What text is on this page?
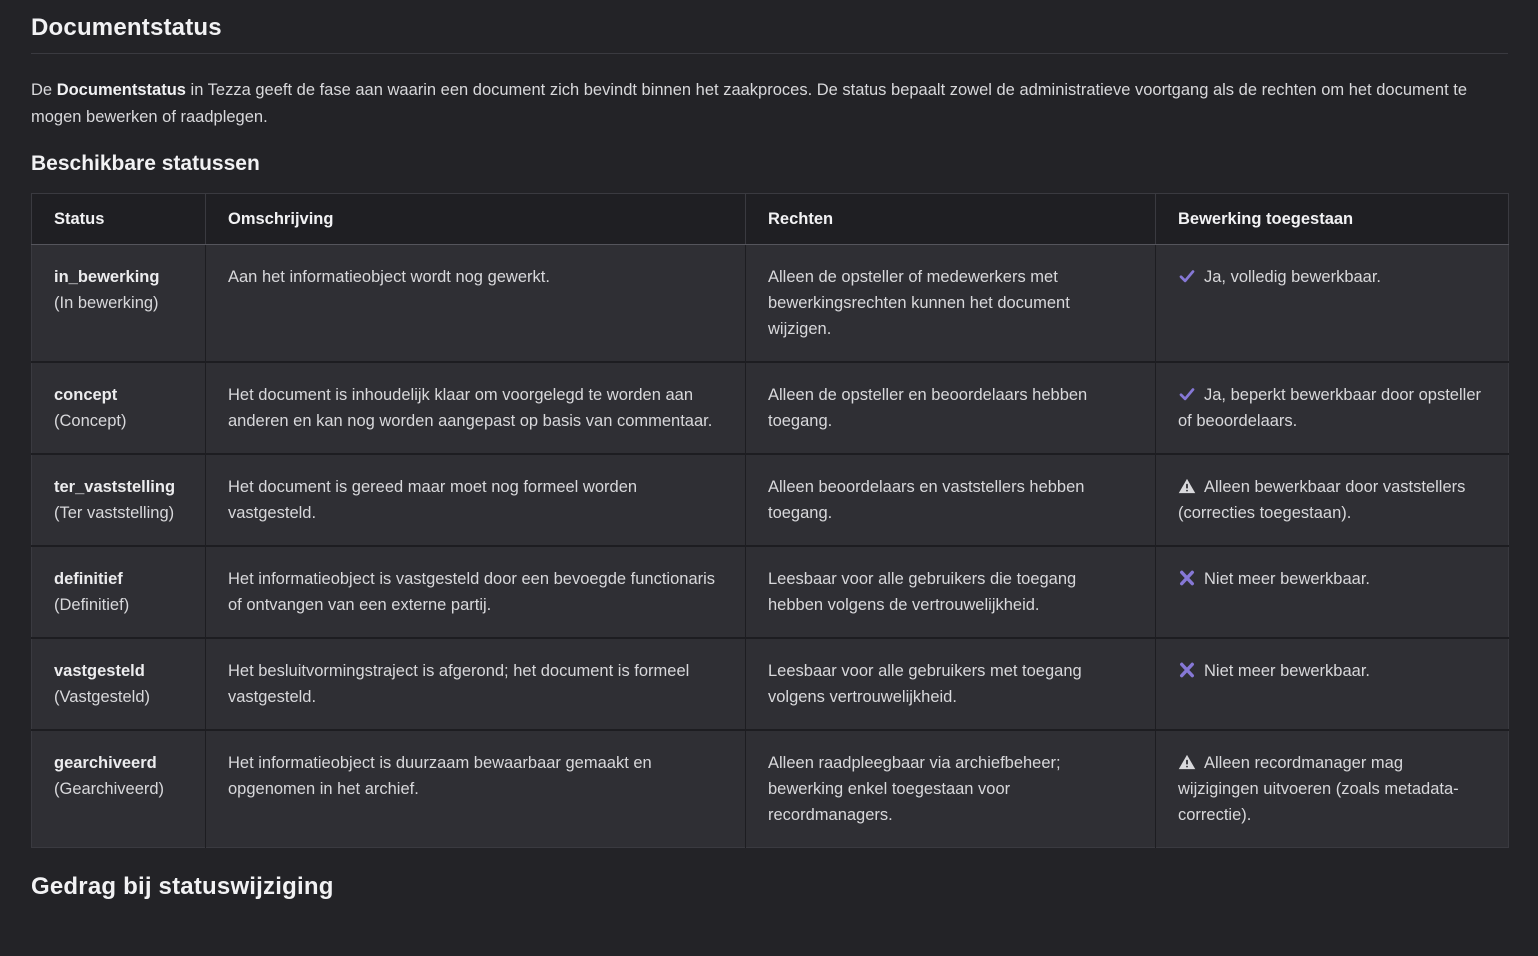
Documentstatus

De Documentstatus in Tezza geeft de fase aan waarin een document zich bevindt binnen het zaakproces. De status bepaalt zowel de administratieve voortgang als de rechten om het document te mogen bewerken of raadplegen.

Beschikbare statussen
Status	Omschrijving	Rechten	Bewerking toegestaan

in_bewerking
(In bewerking)	Aan het informatieobject wordt nog gewerkt.	Alleen de opsteller of medewerkers met bewerkingsrechten kunnen het document wijzigen.	Ja, volledig bewerkbaar.

concept
(Concept)	Het document is inhoudelijk klaar om voorgelegd te worden aan anderen en kan nog worden aangepast op basis van commentaar.	Alleen de opsteller en beoordelaars hebben toegang.	Ja, beperkt bewerkbaar door opsteller of beoordelaars.

ter_vaststelling
(Ter vaststelling)	Het document is gereed maar moet nog formeel worden vastgesteld.	Alleen beoordelaars en vaststellers hebben toegang.	Alleen bewerkbaar door vaststellers (correcties toegestaan).

definitief
(Definitief)	Het informatieobject is vastgesteld door een bevoegde functionaris of ontvangen van een externe partij.	Leesbaar voor alle gebruikers die toegang hebben volgens de vertrouwelijkheid.	Niet meer bewerkbaar.

vastgesteld
(Vastgesteld)	Het besluitvormingstraject is afgerond; het document is formeel vastgesteld.	Leesbaar voor alle gebruikers met toegang volgens vertrouwelijkheid.	Niet meer bewerkbaar.

gearchiveerd
(Gearchiveerd)	Het informatieobject is duurzaam bewaarbaar gemaakt en opgenomen in het archief.	Alleen raadpleegbaar via archiefbeheer; bewerking enkel toegestaan voor recordmanagers.	Alleen recordmanager mag wijzigingen uitvoeren (zoals metadata-correctie).
Gedrag bij statuswijziging
